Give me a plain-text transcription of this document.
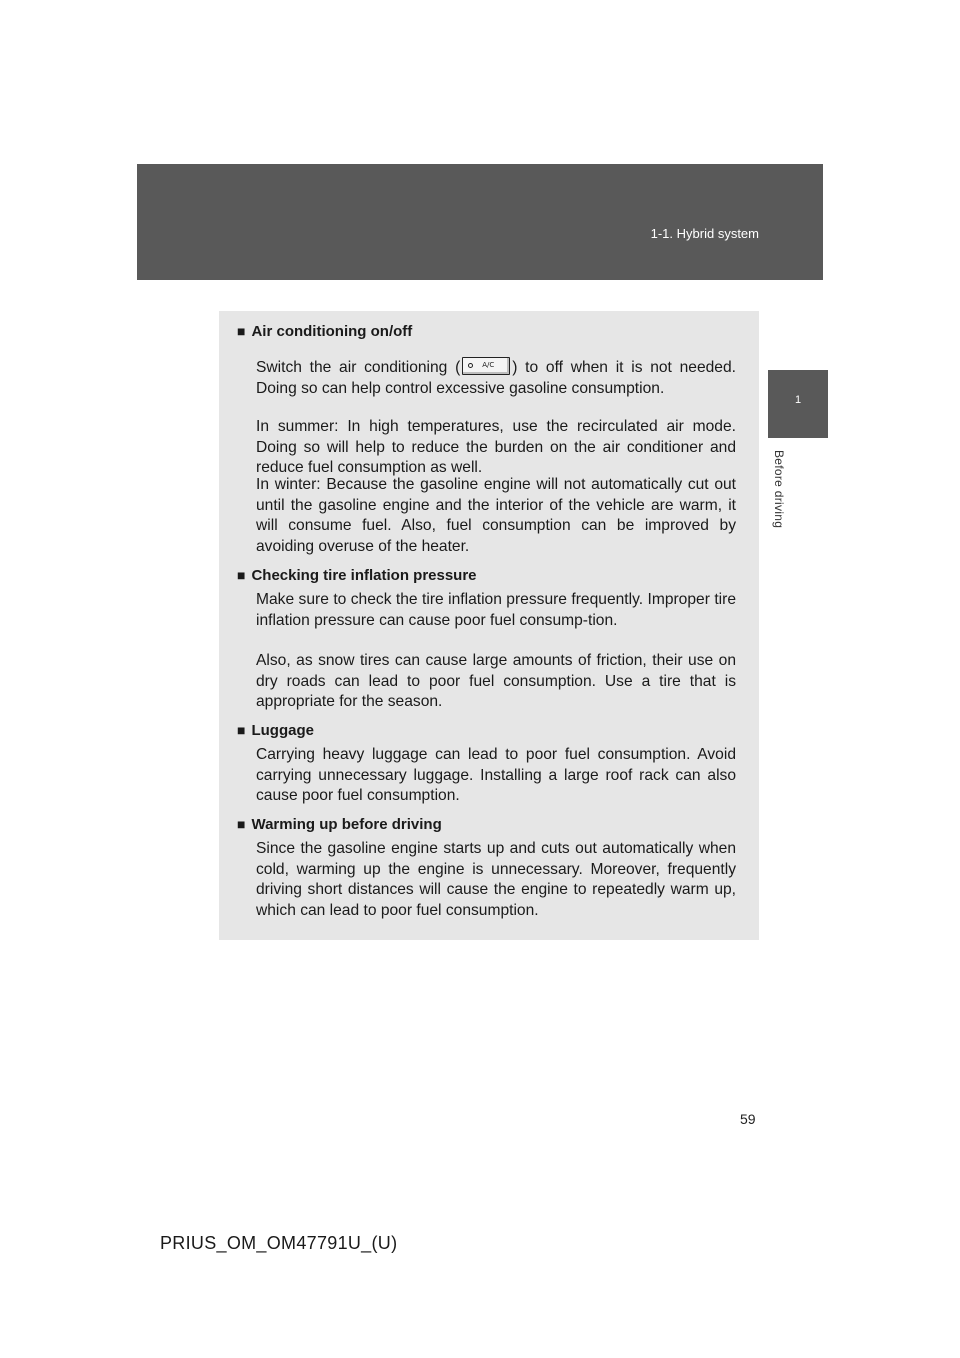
1-1. Hybrid system
1
Before driving
■ Air conditioning on/off

Switch the air conditioning (	A/C ) to off when it is not needed. Doing so can help control excessive gasoline consumption.

In summer: In high temperatures, use the recirculated air mode. Doing so will help to reduce the burden on the air conditioner and reduce fuel consumption as well.

In winter: Because the gasoline engine will not automatically cut out until the gasoline engine and the interior of the vehicle are warm, it will consume fuel. Also, fuel consumption can be improved by avoiding overuse of the heater.

■ Checking tire inflation pressure

Make sure to check the tire inflation pressure frequently. Improper tire inflation pressure can cause poor fuel consump-tion.

Also, as snow tires can cause large amounts of friction, their use on dry roads can lead to poor fuel consumption. Use a tire that is appropriate for the season.

■ Luggage

Carrying heavy luggage can lead to poor fuel consumption. Avoid carrying unnecessary luggage. Installing a large roof rack can also cause poor fuel consumption.

■ Warming up before driving

Since the gasoline engine starts up and cuts out automatically when cold, warming up the engine is unnecessary. Moreover, frequently driving short distances will cause the engine to repeatedly warm up, which can lead to poor fuel consumption.

59
PRIUS_OM_OM47791U_(U)
